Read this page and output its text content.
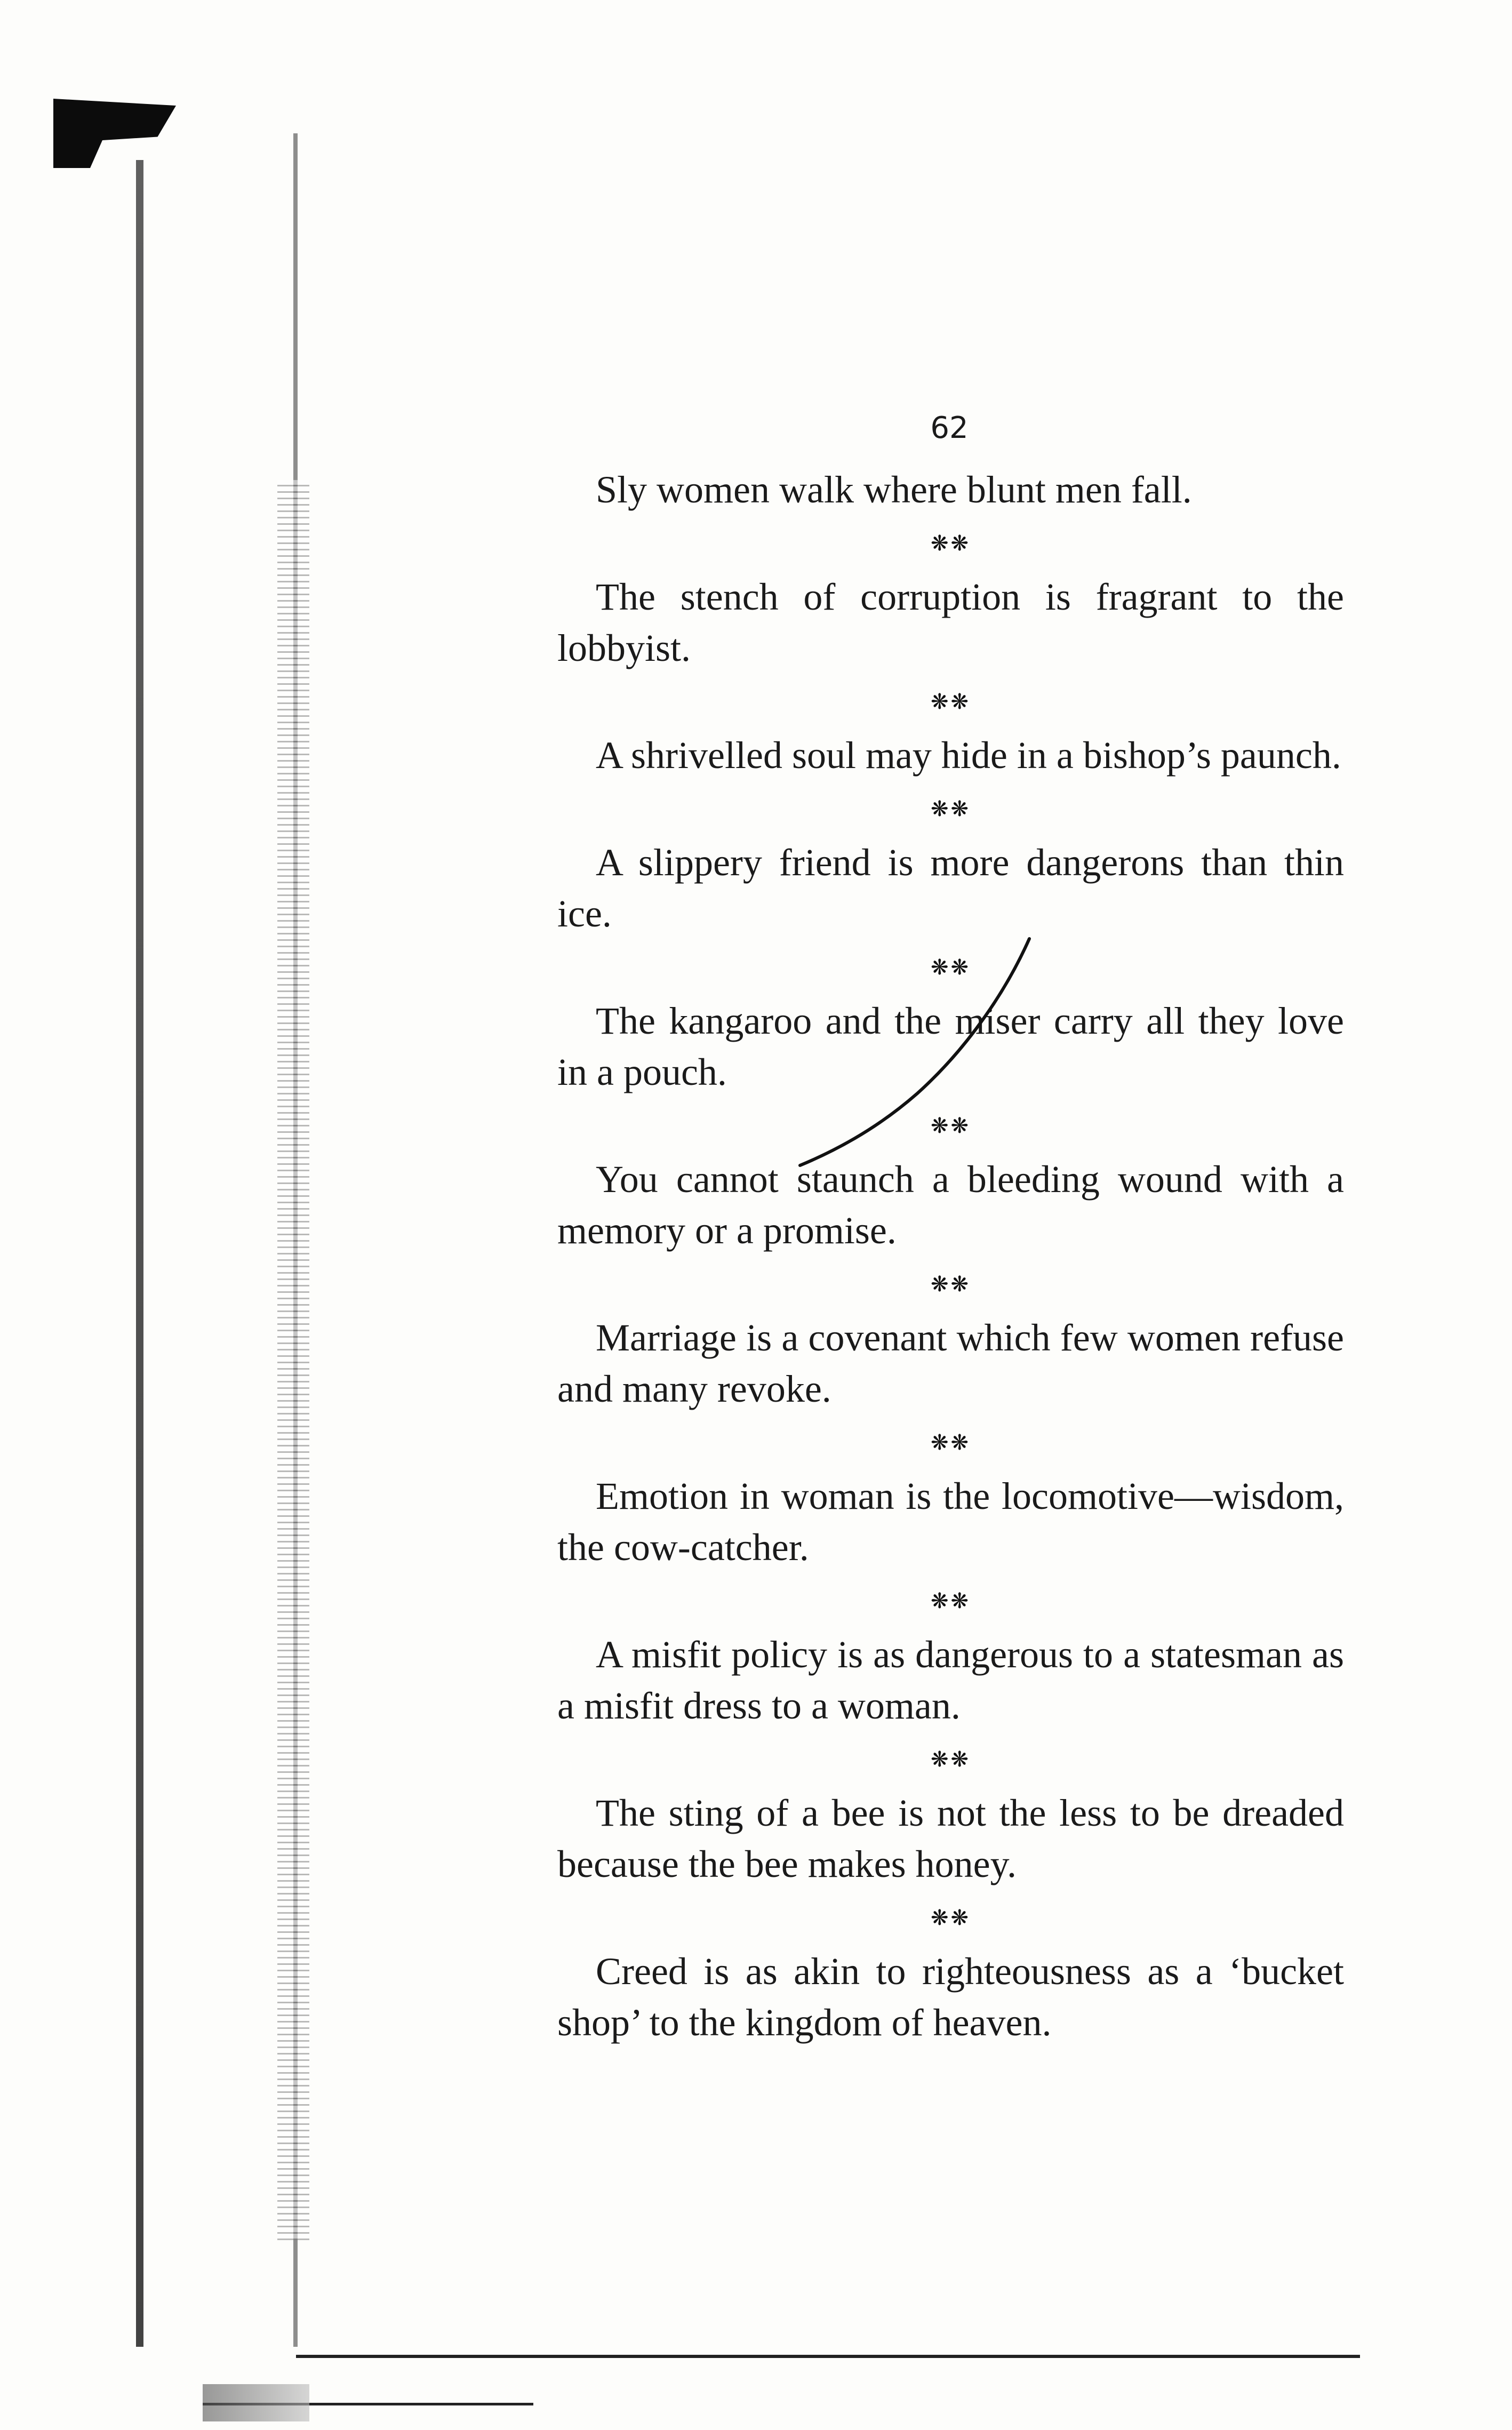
62

Sly women walk where blunt men fall.

❋❋

The stench of corruption is fragrant to the lobbyist.

❋❋

A shrivelled soul may hide in a bishop’s paunch.

❋❋

A slippery friend is more dangerons than thin ice.

❋❋

The kangaroo and the miser carry all they love in a pouch.

❋❋

You cannot staunch a bleeding wound with a memory or a promise.

❋❋

Marriage is a covenant which few women refuse and many revoke.

❋❋

Emotion in woman is the locomotive—wisdom, the cow-catcher.

❋❋

A misfit policy is as dangerous to a statesman as a misfit dress to a woman.

❋❋

The sting of a bee is not the less to be dreaded because the bee makes honey.

❋❋

Creed is as akin to righteousness as a ‘bucket shop’ to the kingdom of heaven.
